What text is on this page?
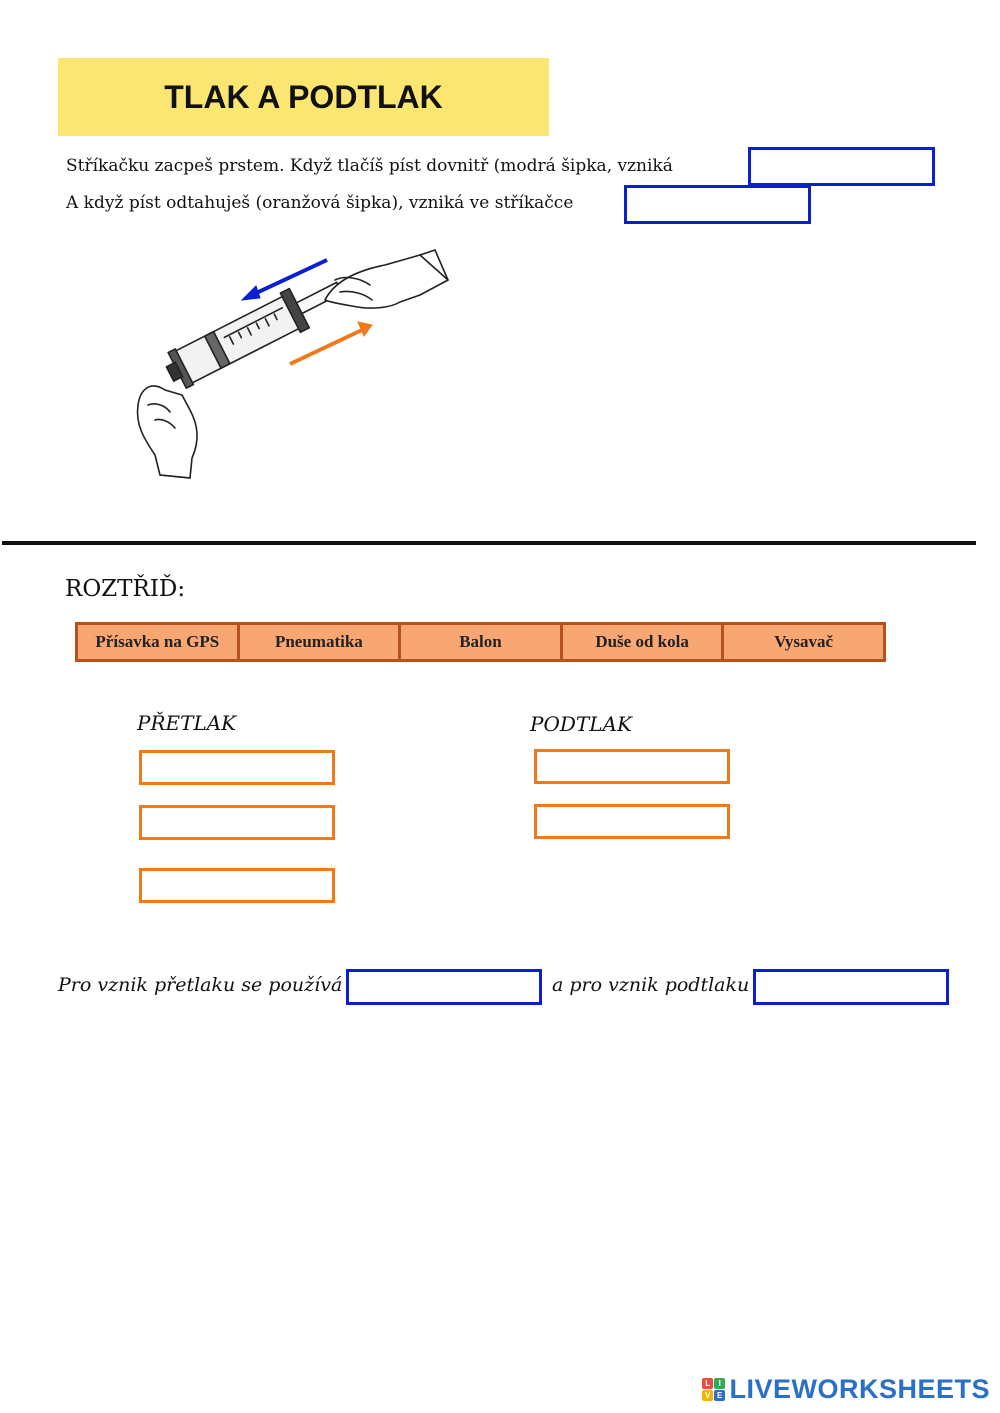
TLAK A PODTLAK
Stříkačku zacpeš prstem. Když tlačíš píst dovnitř (modrá šipka, vzniká
A když píst odtahuješ (oranžová šipka), vzniká ve stříkačce
ROZTŘIĎ:
Přísavka na GPS	Pneumatika	Balon	Duše od kola	Vysavač
PŘETLAK	PODTLAK
Pro vznik přetlaku se používá	a pro vznik podtlaku
L I
V E LIVEWORKSHEETS
